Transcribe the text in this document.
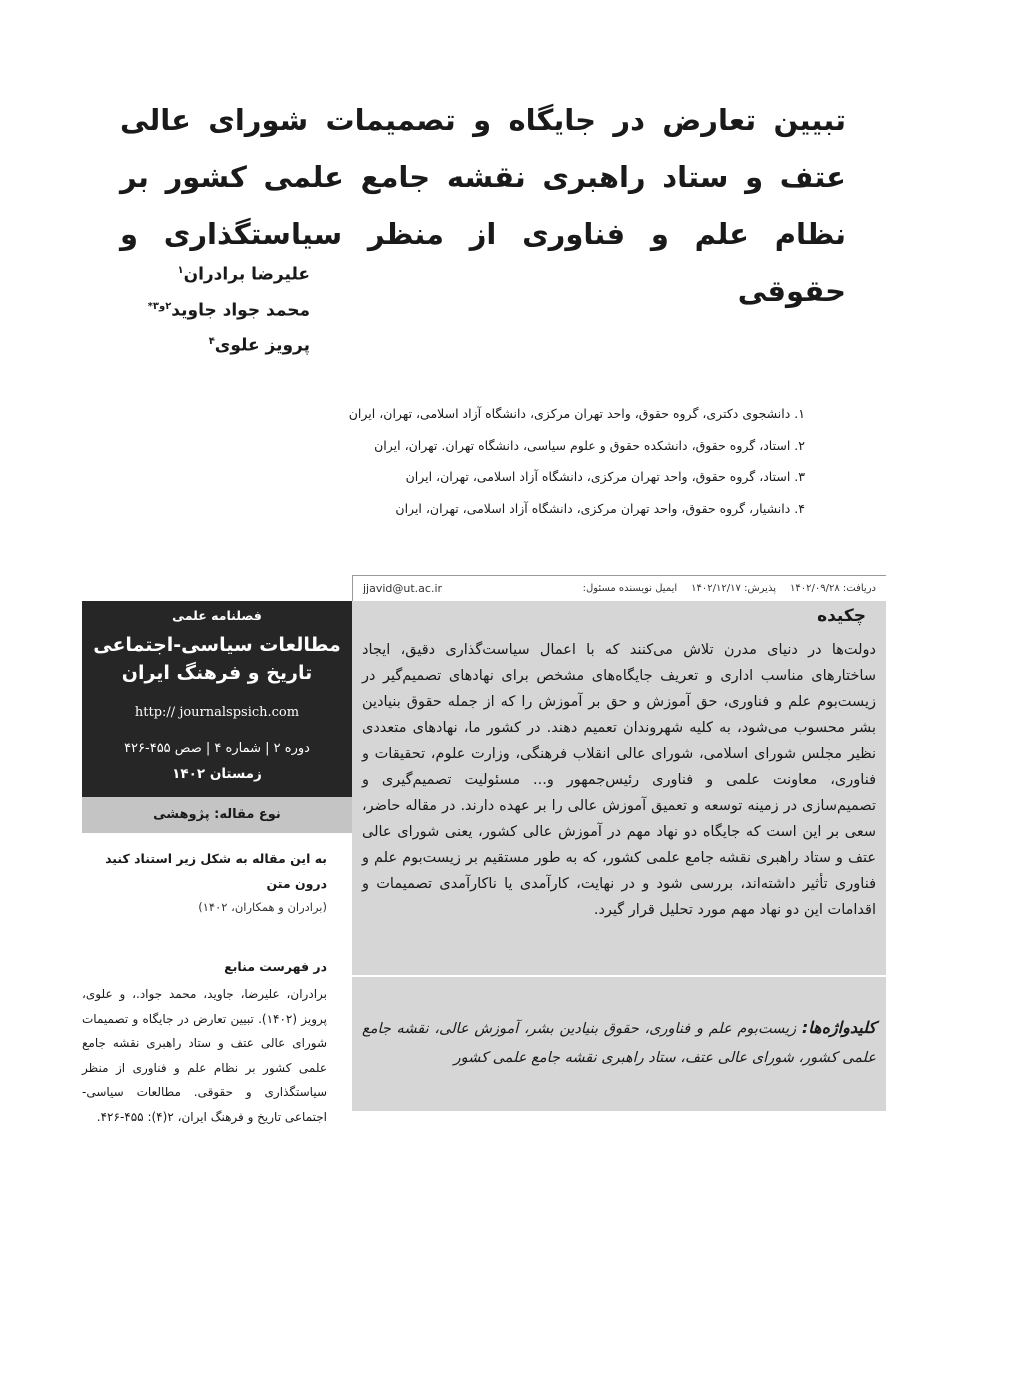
تبیین تعارض در جایگاه و تصمیمات شورای عالی عتف و ستاد راهبری نقشه جامع علمی کشور بر نظام علم و فناوری از منظر سیاستگذاری و حقوقی
علیرضا برادران$^۱$
محمد جواد جاوید$^{۲و۳*}$
پرویز علوی$^۴$
۱. دانشجوی دکتری، گروه حقوق، واحد تهران مرکزی، دانشگاه آزاد اسلامی، تهران، ایران
۲. استاد، گروه حقوق، دانشکده حقوق و علوم سیاسی، دانشگاه تهران. تهران، ایران
۳. استاد، گروه حقوق، واحد تهران مرکزی، دانشگاه آزاد اسلامی، تهران، ایران
۴. دانشیار، گروه حقوق، واحد تهران مرکزی، دانشگاه آزاد اسلامی، تهران، ایران
دریافت: ۱۴۰۲/۰۹/۲۸
پذیرش: ۱۴۰۲/۱۲/۱۷
ایمیل نویسنده مسئول:
jjavid@ut.ac.ir
چکیده

دولت‌ها در دنیای مدرن تلاش می‌کنند که با اعمال سیاست‌گذاری دقیق، ایجاد ساختارهای مناسب اداری و تعریف جایگاه‌های مشخص برای نهادهای تصمیم‌گیر در زیست‌بوم علم و فناوری، حق آموزش و حق بر آموزش را که از جمله حقوق بنیادین بشر محسوب می‌شود، به کلیه شهروندان تعمیم دهند. در کشور ما، نهادهای متعددی نظیر مجلس شورای اسلامی، شورای عالی انقلاب فرهنگی، وزارت علوم، تحقیقات و فناوری، معاونت علمی و فناوری رئیس‌جمهور و... مسئولیت تصمیم‌گیری و تصمیم‌سازی در زمینه توسعه و تعمیق آموزش عالی را بر عهده دارند. در مقاله حاضر، سعی بر این است که جایگاه دو نهاد مهم در آموزش عالی کشور، یعنی شورای عالی عتف و ستاد راهبری نقشه جامع علمی کشور، که به طور مستقیم بر زیست‌بوم علم و فناوری تأثیر داشته‌اند، بررسی شود و در نهایت، کارآمدی یا ناکارآمدی تصمیمات و اقدامات این دو نهاد مهم مورد تحلیل قرار گیرد.

کلیدواژه‌ها: زیست‌بوم علم و فناوری، حقوق بنیادین بشر، آموزش عالی، نقشه جامع علمی کشور، شورای عالی عتف، ستاد راهبری نقشه جامع علمی کشور

فصلنامه علمی
مطالعات سیاسی-اجتماعی
تاریخ و فرهنگ ایران
http:// journalspsich.com
دوره ۲ | شماره ۴ | صص ۴۵۵-۴۲۶
زمستان ۱۴۰۲
نوع مقاله: پژوهشی
به این مقاله به شکل زیر استناد کنید درون متن
(برادران و همکاران، ۱۴۰۲)
در فهرست منابع
برادران، علیرضا، جاوید، محمد جواد.، و علوی، پرویز (۱۴۰۲). تبیین تعارض در جایگاه و تصمیمات شورای عالی عتف و ستاد راهبری نقشه جامع علمی کشور بر نظام علم و فناوری از منظر سیاستگذاری و حقوقی. مطالعات سیاسی-اجتماعی تاریخ و فرهنگ ایران، ۲(۴): ۴۵۵-۴۲۶.
